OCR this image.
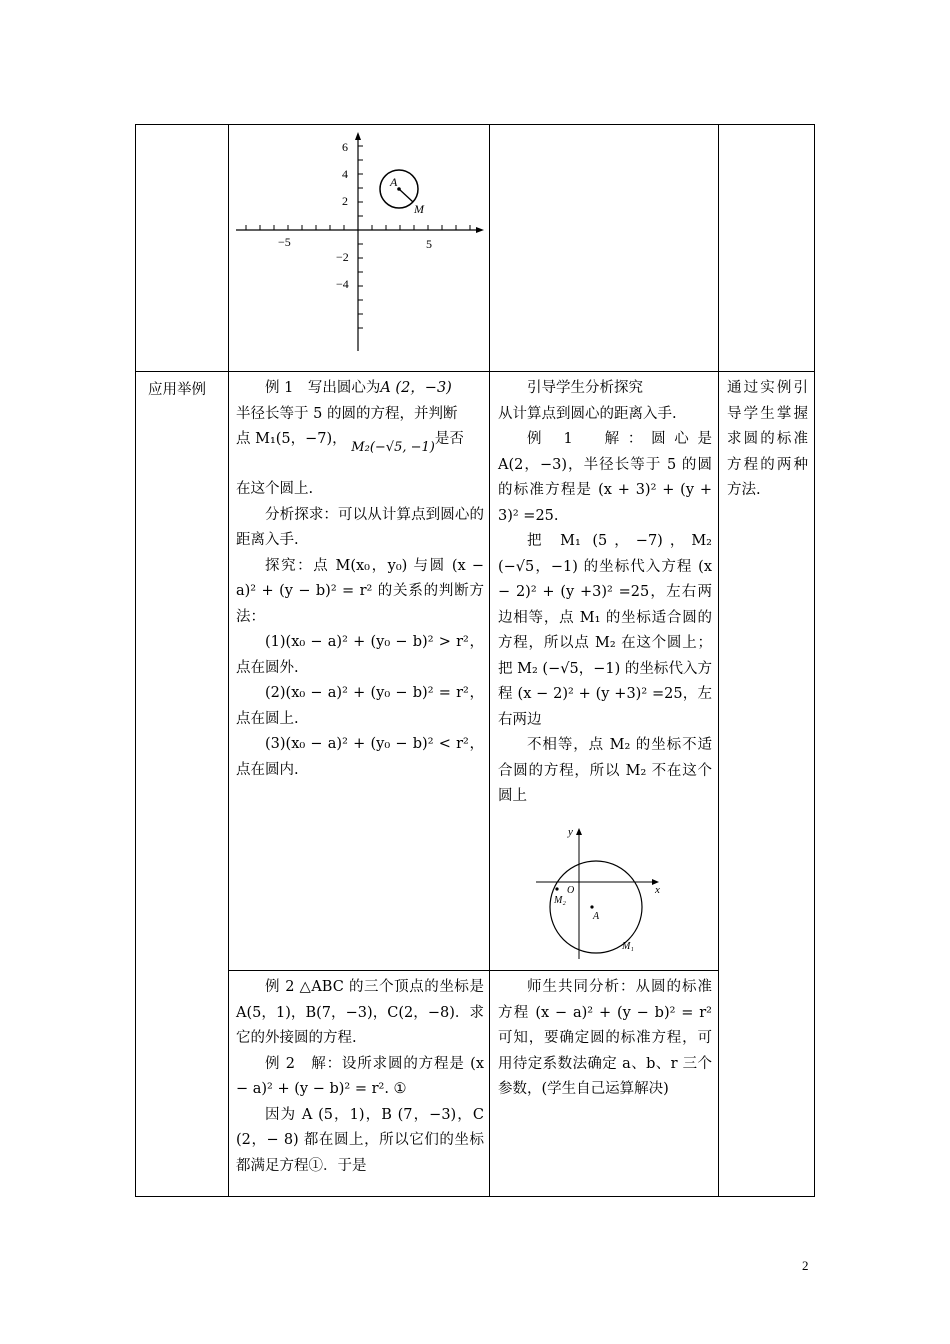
6
4
2
−2
−4
−5	5
A
M
应用举例	例 1　写出圆心为A (2，−3)

半径长等于 5 的圆的方程，并判断

点 M₁(5，−7)， M₂(−√5, −1)是否

在这个圆上.

分析探求：可以从计算点到圆心的距离入手.

探究：点 M(x₀，y₀) 与圆 (x − a)² + (y − b)² = r² 的关系的判断方法：

(1)(x₀ − a)² + (y₀ − b)² > r²，点在圆外.

(2)(x₀ − a)² + (y₀ − b)² = r²，点在圆上.

(3)(x₀ − a)² + (y₀ − b)² < r²，点在圆内.

引导学生分析探究

从计算点到圆心的距离入手.

例 1　解：圆心是 A(2，−3)，半径长等于 5 的圆的标准方程是 (x + 3)² + (y + 3)² =25.

把 M₁ (5，−7)，M₂ (−√5，−1) 的坐标代入方程 (x − 2)² + (y +3)² =25，左右两边相等，点 M₁ 的坐标适合圆的方程，所以点 M₂ 在这个圆上；把 M₂ (−√5，−1) 的坐标代入方程 (x − 2)² + (y +3)² =25，左右两边

不相等，点 M₂ 的坐标不适合圆的方程，所以 M₂ 不在这个圆上

y
x
O
M₂
A
M₁
通过实例引导学生掌握求圆的标准方程的两种方法.

例 2 △ABC 的三个顶点的坐标是 A(5，1)，B(7，−3)，C(2，−8)．求它的外接圆的方程.

例 2　解：设所求圆的方程是 (x − a)² + (y − b)² = r². ①

因为 A (5，1)，B (7，−3)，C (2，− 8) 都在圆上，所以它们的坐标都满足方程①．于是

师生共同分析：从圆的标准方程 (x − a)² + (y − b)² = r² 可知，要确定圆的标准方程，可用待定系数法确定 a、b、r 三个参数，(学生自己运算解决)

2
